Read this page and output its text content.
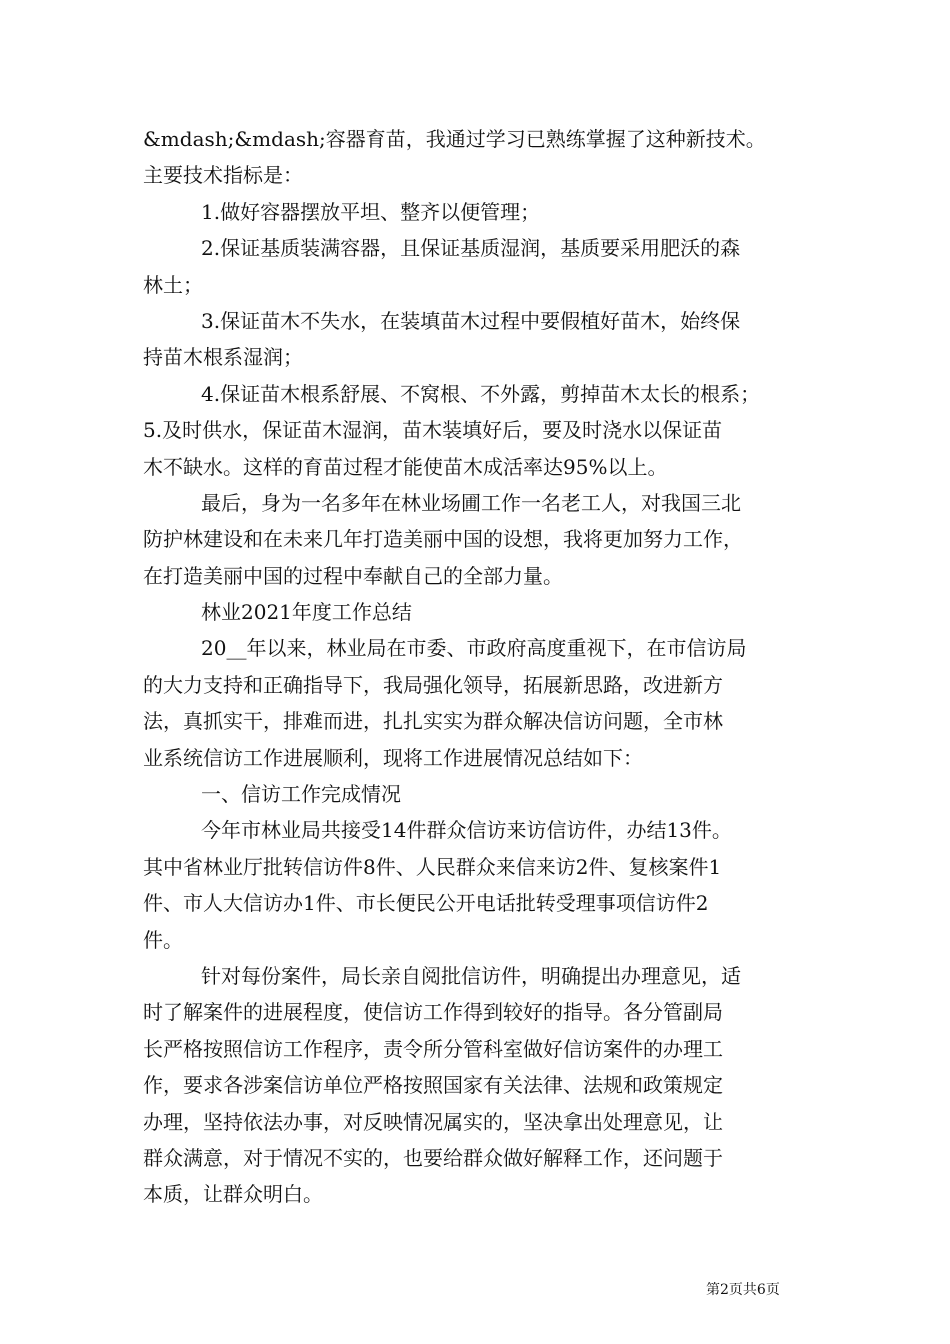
&mdash;&mdash;容器育苗，我通过学习已熟练掌握了这种新技术。
主要技术指标是：
1.做好容器摆放平坦、整齐以便管理；
2.保证基质装满容器，且保证基质湿润，基质要采用肥沃的森
林土；
3.保证苗木不失水，在装填苗木过程中要假植好苗木，始终保
持苗木根系湿润；
4.保证苗木根系舒展、不窝根、不外露，剪掉苗木太长的根系；
5.及时供水，保证苗木湿润，苗木装填好后，要及时浇水以保证苗
木不缺水。这样的育苗过程才能使苗木成活率达95%以上。
最后，身为一名多年在林业场圃工作一名老工人，对我国三北
防护林建设和在未来几年打造美丽中国的设想，我将更加努力工作，
在打造美丽中国的过程中奉献自己的全部力量。
林业2021年度工作总结
20__年以来，林业局在市委、市政府高度重视下，在市信访局
的大力支持和正确指导下，我局强化领导，拓展新思路，改进新方
法，真抓实干，排难而进，扎扎实实为群众解决信访问题，全市林
业系统信访工作进展顺利，现将工作进展情况总结如下：
一、信访工作完成情况
今年市林业局共接受14件群众信访来访信访件，办结13件。
其中省林业厅批转信访件8件、人民群众来信来访2件、复核案件1
件、市人大信访办1件、市长便民公开电话批转受理事项信访件2
件。
针对每份案件，局长亲自阅批信访件，明确提出办理意见，适
时了解案件的进展程度，使信访工作得到较好的指导。各分管副局
长严格按照信访工作程序，责令所分管科室做好信访案件的办理工
作，要求各涉案信访单位严格按照国家有关法律、法规和政策规定
办理，坚持依法办事，对反映情况属实的，坚决拿出处理意见，让
群众满意，对于情况不实的，也要给群众做好解释工作，还问题于
本质，让群众明白。
第2页共6页
